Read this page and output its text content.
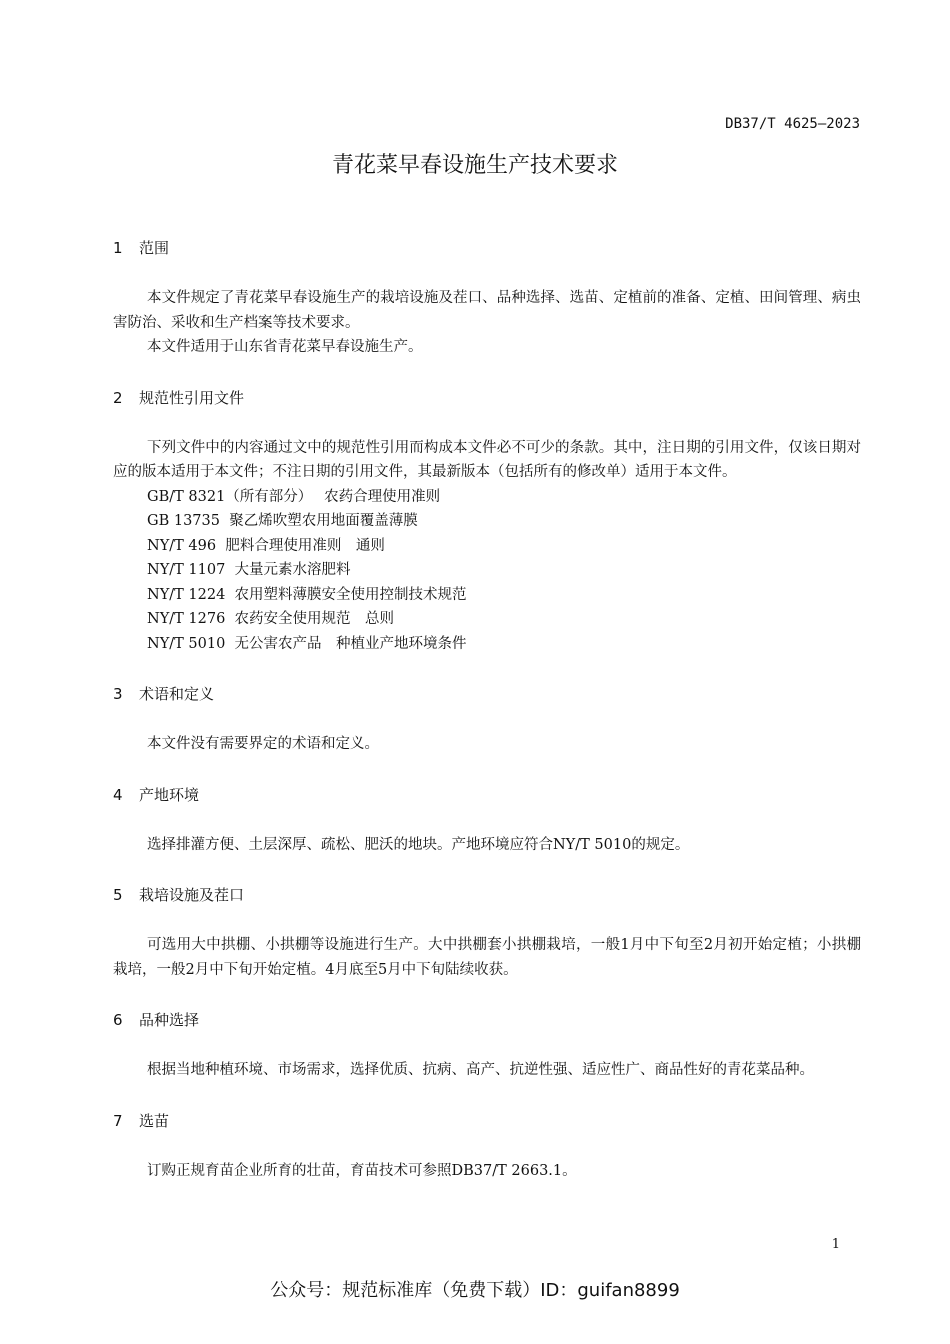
DB37/T 4625—2023
青花菜早春设施生产技术要求
1 范围

本文件规定了青花菜早春设施生产的栽培设施及茬口、品种选择、选苗、定植前的准备、定植、田间管理、病虫害防治、采收和生产档案等技术要求。

本文件适用于山东省青花菜早春设施生产。

2 规范性引用文件

下列文件中的内容通过文中的规范性引用而构成本文件必不可少的条款。其中，注日期的引用文件，仅该日期对应的版本适用于本文件；不注日期的引用文件，其最新版本（包括所有的修改单）适用于本文件。

GB/T 8321（所有部分）　 农药合理使用准则
GB 13735 聚乙烯吹塑农用地面覆盖薄膜
NY/T 496 肥料合理使用准则　通则
NY/T 1107 大量元素水溶肥料
NY/T 1224 农用塑料薄膜安全使用控制技术规范
NY/T 1276 农药安全使用规范　总则
NY/T 5010 无公害农产品　种植业产地环境条件
3 术语和定义

本文件没有需要界定的术语和定义。

4 产地环境

选择排灌方便、土层深厚、疏松、肥沃的地块。产地环境应符合NY/T 5010的规定。

5 栽培设施及茬口

可选用大中拱棚、小拱棚等设施进行生产。大中拱棚套小拱棚栽培，一般1月中下旬至2月初开始定植；小拱棚栽培，一般2月中下旬开始定植。4月底至5月中下旬陆续收获。

6 品种选择

根据当地种植环境、市场需求，选择优质、抗病、高产、抗逆性强、适应性广、商品性好的青花菜品种。

7 选苗

订购正规育苗企业所育的壮苗，育苗技术可参照DB37/T 2663.1。

1
公众号：规范标准库（免费下载）ID：guifan8899
